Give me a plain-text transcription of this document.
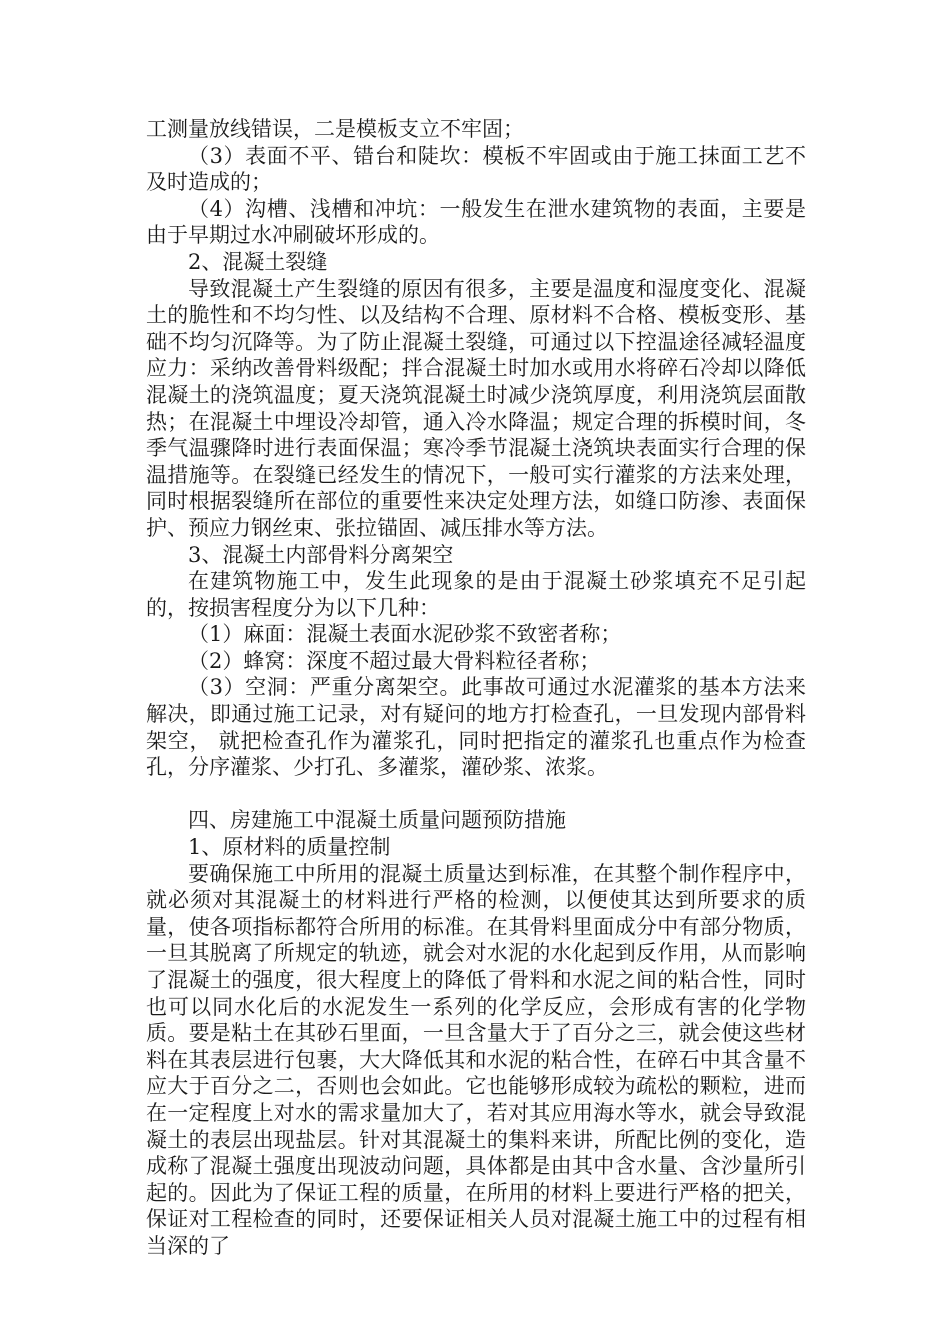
工测量放线错误，二是模板支立不牢固；

（3）表面不平、错台和陡坎：模板不牢固或由于施工抹面工艺不及时造成的；

（4）沟槽、浅槽和冲坑：一般发生在泄水建筑物的表面，主要是由于早期过水冲刷破坏形成的。

2、混凝土裂缝

导致混凝土产生裂缝的原因有很多，主要是温度和湿度变化、混凝土的脆性和不均匀性、以及结构不合理、原材料不合格、模板变形、基础不均匀沉降等。为了防止混凝土裂缝，可通过以下控温途径减轻温度应力：采纳改善骨料级配；拌合混凝土时加水或用水将碎石冷却以降低混凝土的浇筑温度；夏天浇筑混凝土时减少浇筑厚度，利用浇筑层面散热；在混凝土中埋设冷却管，通入冷水降温；规定合理的拆模时间，冬季气温骤降时进行表面保温；寒冷季节混凝土浇筑块表面实行合理的保温措施等。在裂缝已经发生的情况下，一般可实行灌浆的方法来处理，同时根据裂缝所在部位的重要性来决定处理方法，如缝口防渗、表面保护、预应力钢丝束、张拉锚固、减压排水等方法。

3、混凝土内部骨料分离架空

在建筑物施工中，发生此现象的是由于混凝土砂浆填充不足引起的，按损害程度分为以下几种：

（1）麻面：混凝土表面水泥砂浆不致密者称；

（2）蜂窝：深度不超过最大骨料粒径者称；

（3）空洞：严重分离架空。此事故可通过水泥灌浆的基本方法来解决，即通过施工记录，对有疑问的地方打检查孔，一旦发现内部骨料架空， 就把检查孔作为灌浆孔，同时把指定的灌浆孔也重点作为检查孔，分序灌浆、少打孔、多灌浆，灌砂浆、浓浆。

四、房建施工中混凝土质量问题预防措施

1、原材料的质量控制

要确保施工中所用的混凝土质量达到标准，在其整个制作程序中，就必须对其混凝土的材料进行严格的检测，以便使其达到所要求的质量，使各项指标都符合所用的标准。在其骨料里面成分中有部分物质，一旦其脱离了所规定的轨迹，就会对水泥的水化起到反作用，从而影响了混凝土的强度，很大程度上的降低了骨料和水泥之间的粘合性，同时也可以同水化后的水泥发生一系列的化学反应，会形成有害的化学物质。要是粘土在其砂石里面，一旦含量大于了百分之三，就会使这些材料在其表层进行包裹，大大降低其和水泥的粘合性，在碎石中其含量不应大于百分之二，否则也会如此。它也能够形成较为疏松的颗粒，进而在一定程度上对水的需求量加大了，若对其应用海水等水，就会导致混凝土的表层出现盐层。针对其混凝土的集料来讲，所配比例的变化，造成称了混凝土强度出现波动问题，具体都是由其中含水量、含沙量所引起的。因此为了保证工程的质量，在所用的材料上要进行严格的把关，保证对工程检查的同时，还要保证相关人员对混凝土施工中的过程有相当深的了
